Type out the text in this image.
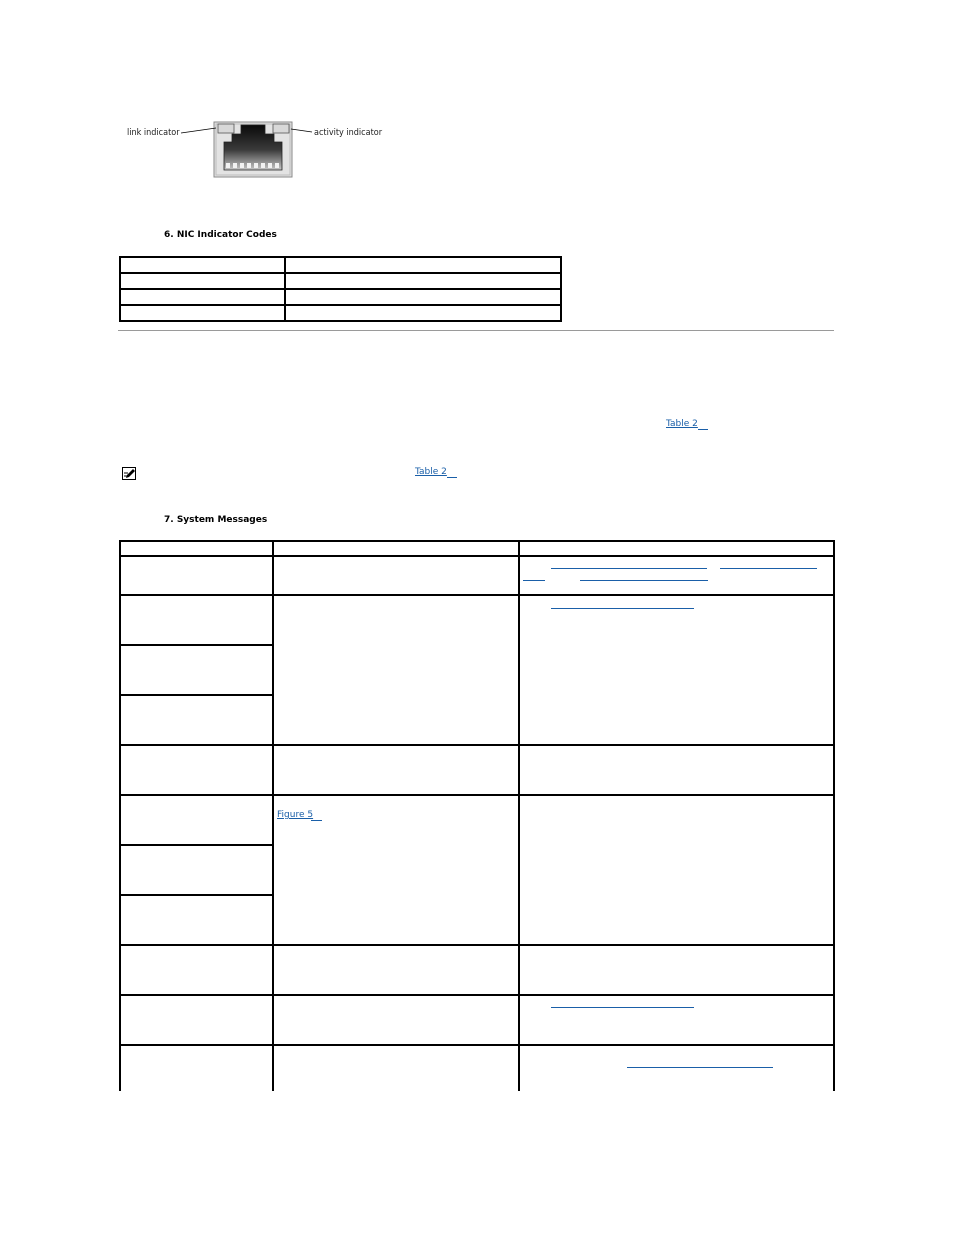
link indicator	activity indicator
6. NIC Indicator Codes

Table 2
Table 2
7. System Messages

	Figure 5	
